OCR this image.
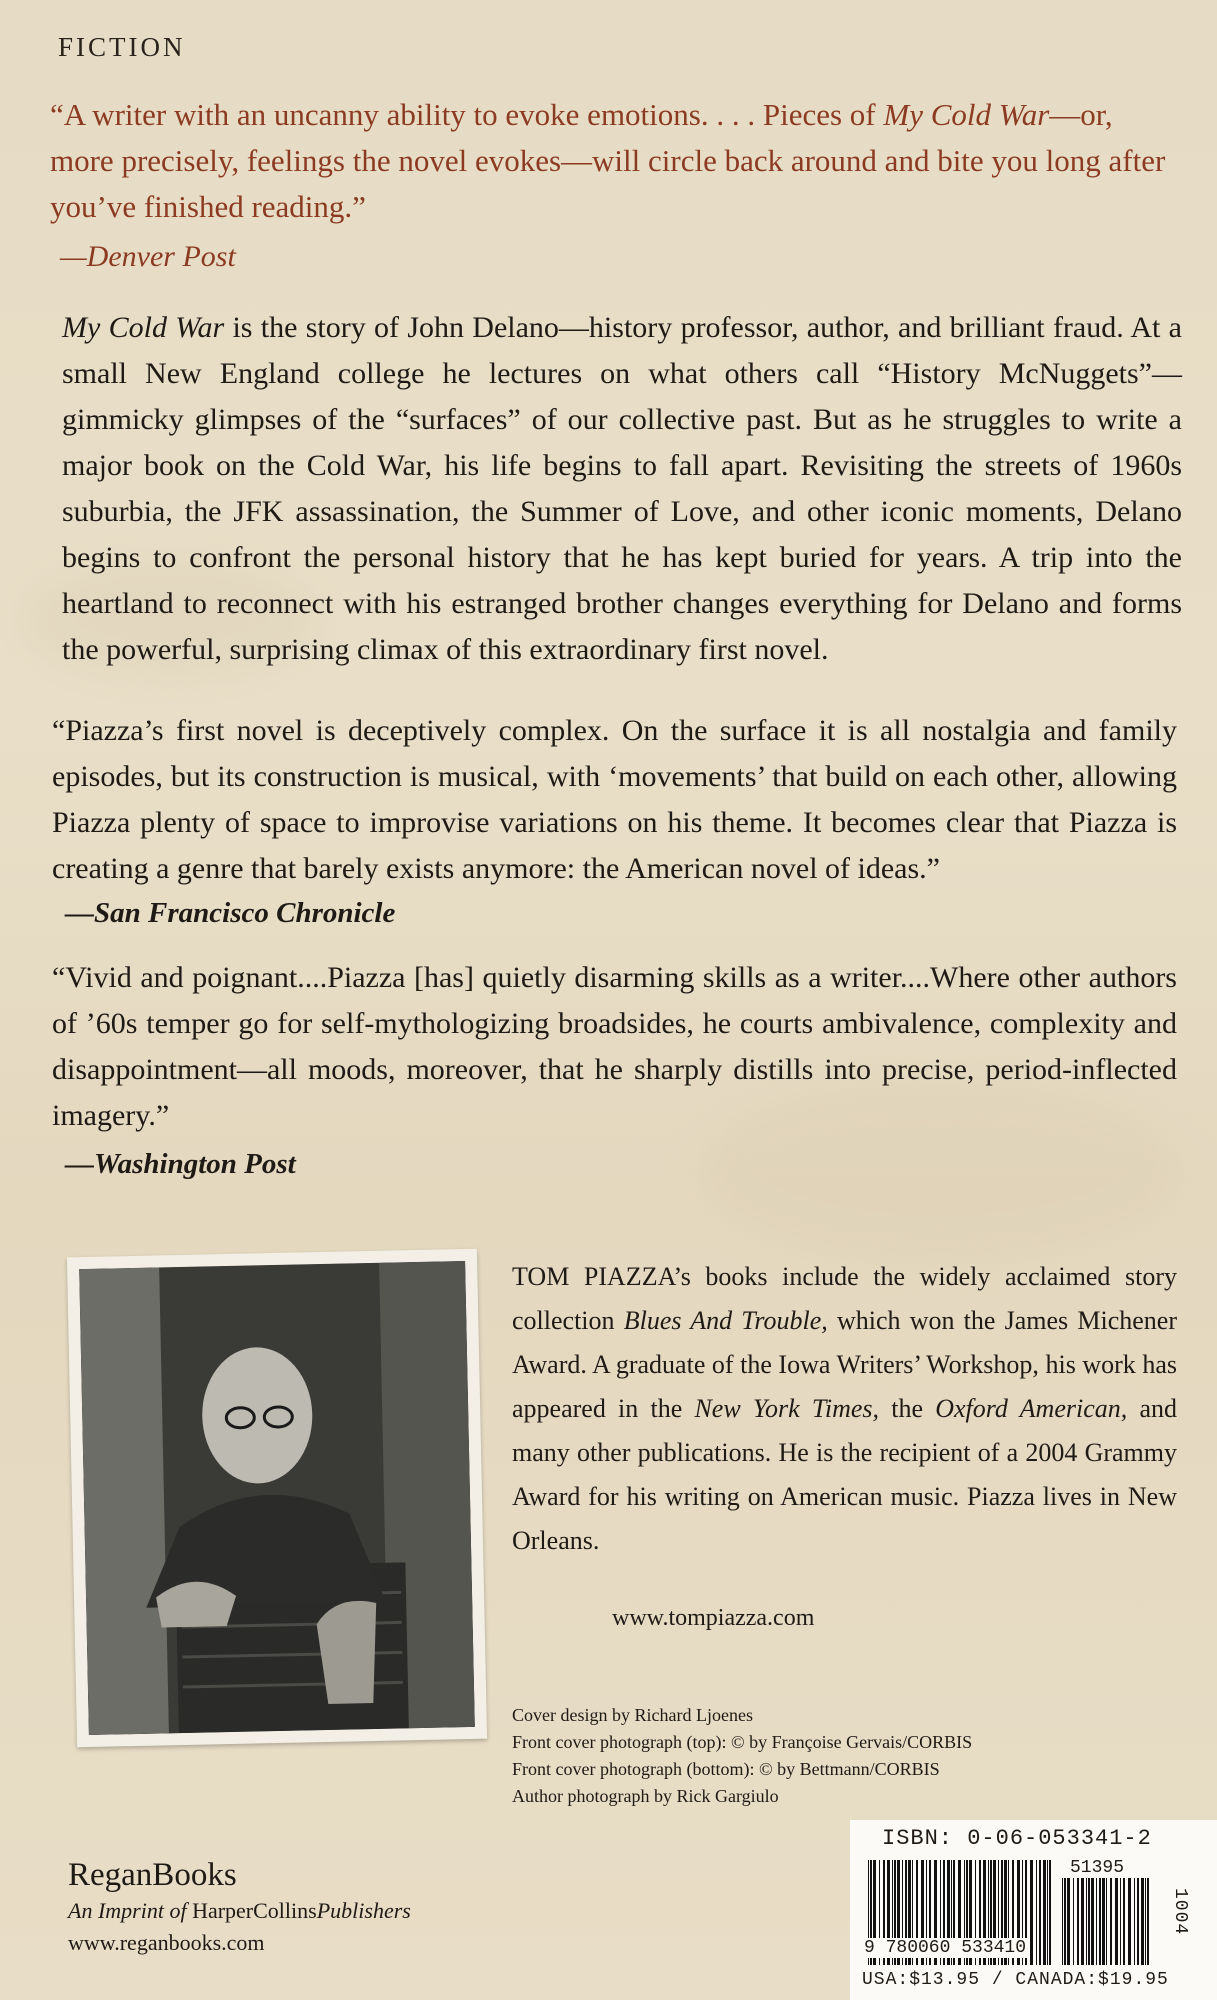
FICTION
“A writer with an uncanny ability to evoke emotions. . . . Pieces of My Cold War—or, more precisely, feelings the novel evokes—will circle back around and bite you long after you’ve finished reading.”
—Denver Post
My Cold War is the story of John Delano—history professor, author, and brilliant fraud. At a small New England college he lectures on what others call “History McNuggets”—gimmicky glimpses of the “surfaces” of our collective past. But as he struggles to write a major book on the Cold War, his life begins to fall apart. Revisiting the streets of 1960s suburbia, the JFK assassination, the Summer of Love, and other iconic moments, Delano begins to confront the personal history that he has kept buried for years. A trip into the heartland to reconnect with his estranged brother changes everything for Delano and forms the powerful, surprising climax of this extraordinary first novel.
“Piazza’s first novel is deceptively complex. On the surface it is all nostalgia and family episodes, but its construction is musical, with ‘movements’ that build on each other, allowing Piazza plenty of space to improvise variations on his theme. It becomes clear that Piazza is creating a genre that barely exists anymore: the American novel of ideas.”
—San Francisco Chronicle
“Vivid and poignant....Piazza [has] quietly disarming skills as a writer....Where other authors of ’60s temper go for self-mythologizing broadsides, he courts ambivalence, complexity and disappointment—all moods, moreover, that he sharply distills into precise, period-inflected imagery.”
—Washington Post
TOM PIAZZA’s books include the widely acclaimed story collection Blues And Trouble, which won the James Michener Award. A graduate of the Iowa Writers’ Workshop, his work has appeared in the New York Times, the Oxford American, and many other publications. He is the recipient of a 2004 Grammy Award for his writing on American music. Piazza lives in New Orleans.
www.tompiazza.com
Cover design by Richard Ljoenes
Front cover photograph (top): © by Françoise Gervais/CORBIS
Front cover photograph (bottom): © by Bettmann/CORBIS
Author photograph by Rick Gargiulo
ReganBooks
An Imprint of HarperCollinsPublishers
www.reganbooks.com
ISBN: 0-06-053341-2
51395
9 780060 533410
1004
USA:$13.95 / CANADA:$19.95
